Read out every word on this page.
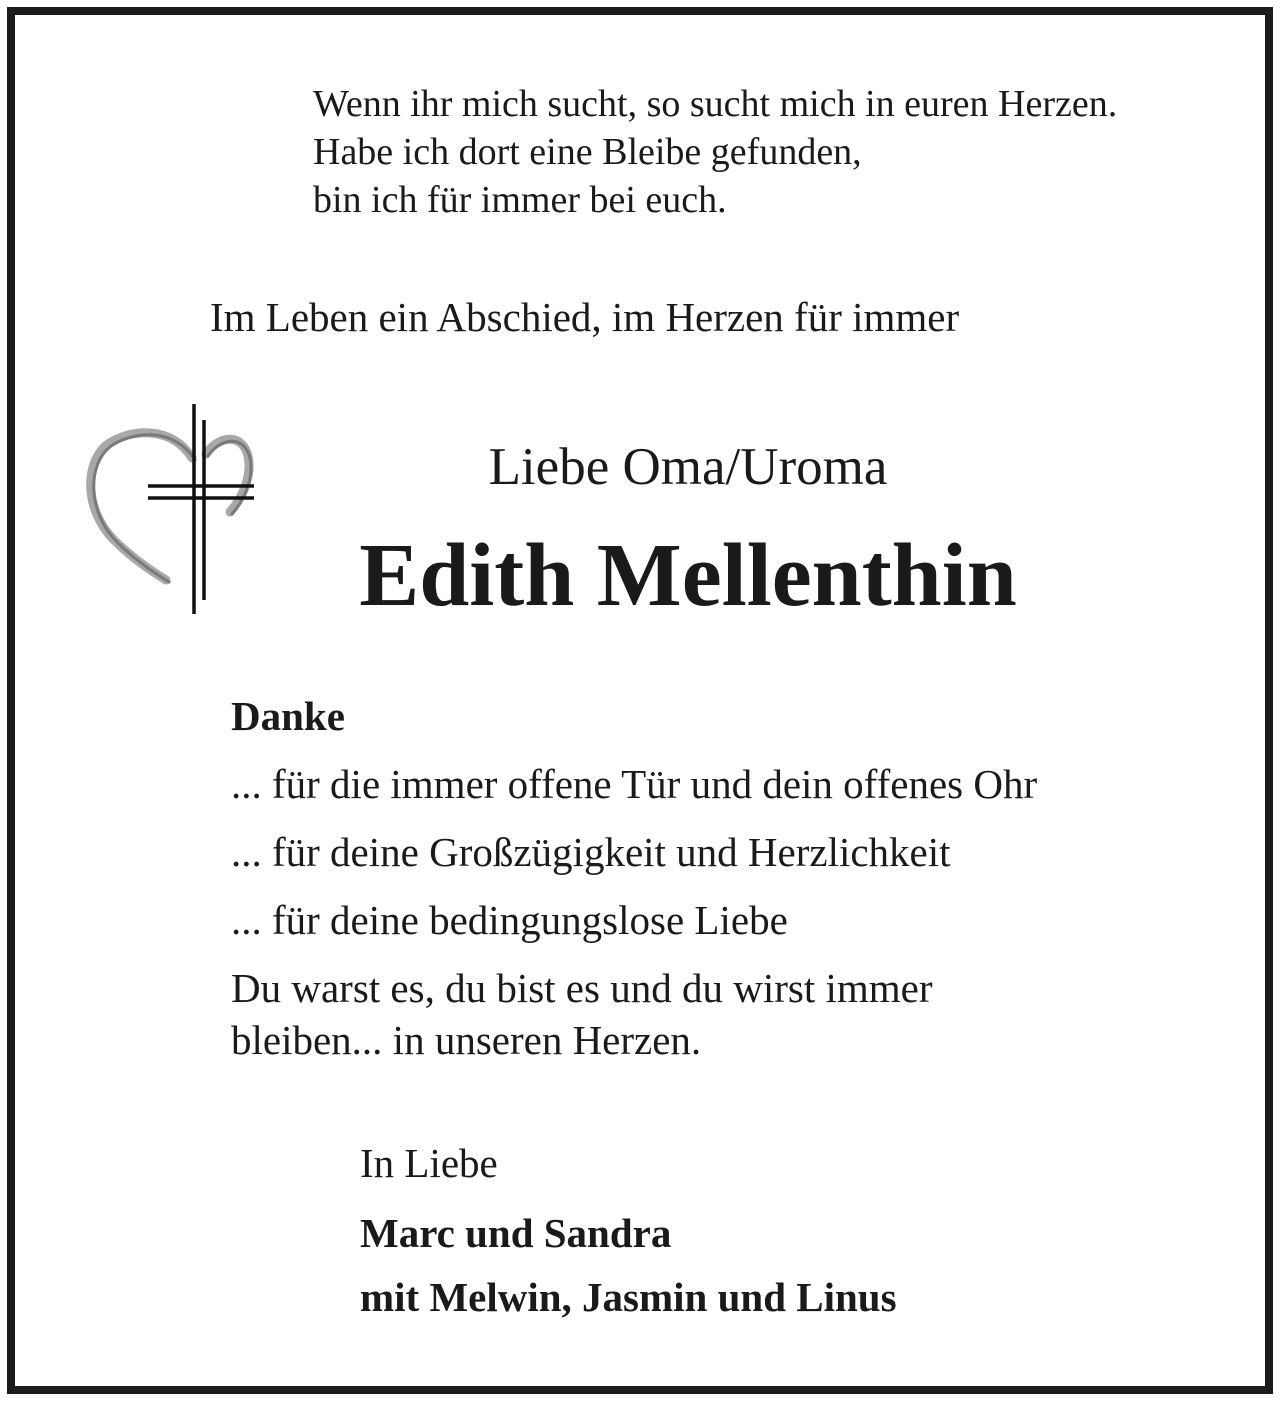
Wenn ihr mich sucht, so sucht mich in euren Herzen.
Habe ich dort eine Bleibe gefunden,
bin ich für immer bei euch.
Im Leben ein Abschied, im Herzen für immer
Liebe Oma/Uroma
Edith Mellenthin
Danke
... für die immer offene Tür und dein offenes Ohr
... für deine Großzügigkeit und Herzlichkeit
... für deine bedingungslose Liebe
Du warst es, du bist es und du wirst immer
bleiben... in unseren Herzen.
In Liebe
Marc und Sandra
mit Melwin, Jasmin und Linus
